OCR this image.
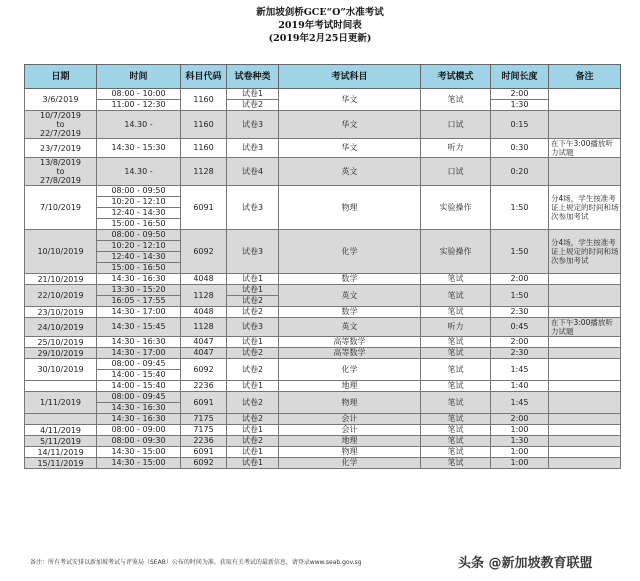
新加坡剑桥GCE“O”水准考试
2019年考试时间表
(2019年2月25日更新)
日期	时间	科目代码	试卷种类	考试科目	考试模式	时间长度	备注
3/6/2019	08:00 - 10:00	1160	试卷1	华文	笔试	2:00	
	11:00 - 12:30		试卷2			1:30	
10/7/2019
to
22/7/2019	14.30 -	1160	试卷3	华文	口试	0:15	
23/7/2019	14:30 - 15:30	1160	试卷3	华文	听力	0:30	在下午3:00播放听力试题
13/8/2019
to
27/8/2019	14.30 -	1128	试卷4	英文	口试	0:20	
7/10/2019	08:00 - 09:50	6091	试卷3	物理	实验操作	1:50	分4场，学生按准考证上规定的时间和场次参加考试
	10:20 - 12:10						
	12:40 - 14:30						
	15:00 - 16:50						
10/10/2019	08:00 - 09:50	6092	试卷3	化学	实验操作	1:50	分4场，学生按准考证上规定的时间和场次参加考试
	10:20 - 12:10						
	12:40 - 14:30						
	15:00 - 16:50						
21/10/2019	14:30 - 16:30	4048	试卷1	数学	笔试	2:00	
22/10/2019	13:30 - 15:20	1128	试卷1	英文	笔试	1:50	
	16:05 - 17:55		试卷2				
23/10/2019	14:30 - 17:00	4048	试卷2	数学	笔试	2:30	
24/10/2019	14:30 - 15:45	1128	试卷3	英文	听力	0:45	在下午3:00播放听力试题
25/10/2019	14:30 - 16:30	4047	试卷1	高等数学	笔试	2:00	
29/10/2019	14:30 - 17:00	4047	试卷2	高等数学	笔试	2:30	
30/10/2019	08:00 - 09:45	6092	试卷2	化学	笔试	1:45	
	14:00 - 15:40						
	14:00 - 15:40	2236	试卷1	地理	笔试	1:40	
1/11/2019	08:00 - 09:45	6091	试卷2	物理	笔试	1:45	
	14:30 - 16:30						
	14:30 - 16:30	7175	试卷2	会计	笔试	2:00	
4/11/2019	08:00 - 09:00	7175	试卷1	会计	笔试	1:00	
5/11/2019	08:00 - 09:30	2236	试卷2	地理	笔试	1:30	
14/11/2019	14:30 - 15:00	6091	试卷1	物理	笔试	1:00	
15/11/2019	14:30 - 15:00	6092	试卷1	化学	笔试	1:00	
备注：所有考试安排以新加坡考试与评鉴局（SEAB）公布的时间为准。获取有关考试的最新信息，请登录www.seab.gov.sg	头条 @新加坡教育联盟
